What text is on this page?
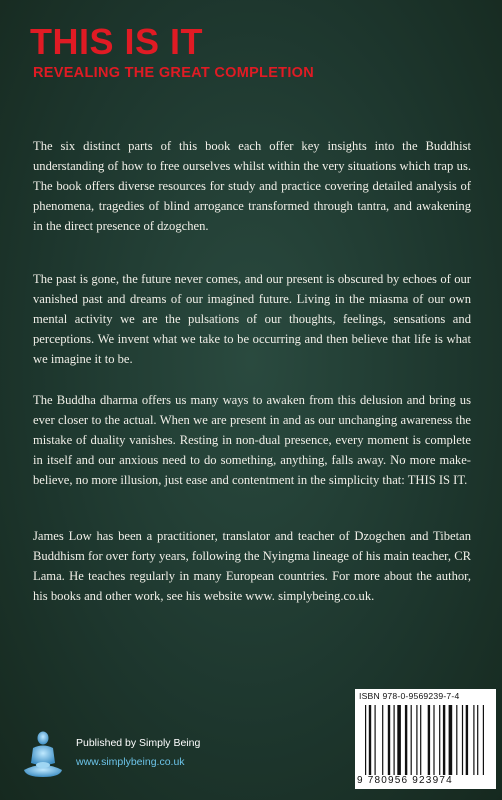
THIS IS IT
REVEALING THE GREAT COMPLETION

The six distinct parts of this book each offer key insights into the Buddhist understanding of how to free ourselves whilst within the very situations which trap us. The book offers diverse resources for study and practice covering detailed analysis of phenomena, tragedies of blind arrogance transformed through tantra, and awakening in the direct presence of dzogchen.

The past is gone, the future never comes, and our present is obscured by echoes of our vanished past and dreams of our imagined future. Living in the miasma of our own mental activity we are the pulsations of our thoughts, feelings, sensations and perceptions. We invent what we take to be occurring and then believe that life is what we imagine it to be.

The Buddha dharma offers us many ways to awaken from this delusion and bring us ever closer to the actual. When we are present in and as our unchanging awareness the mistake of duality vanishes. Resting in non-dual presence, every moment is complete in itself and our anxious need to do something, anything, falls away. No more make-believe, no more illusion, just ease and contentment in the simplicity that: THIS IS IT.

James Low has been a practitioner, translator and teacher of Dzogchen and Tibetan Buddhism for over forty years, following the Nyingma lineage of his main teacher, CR Lama. He teaches regularly in many European countries. For more about the author, his books and other work, see his website www. simplybeing.co.uk.

ISBN 978-0-9569239-7-4
9 780956 923974

Published by Simply Being

www.simplybeing.co.uk
